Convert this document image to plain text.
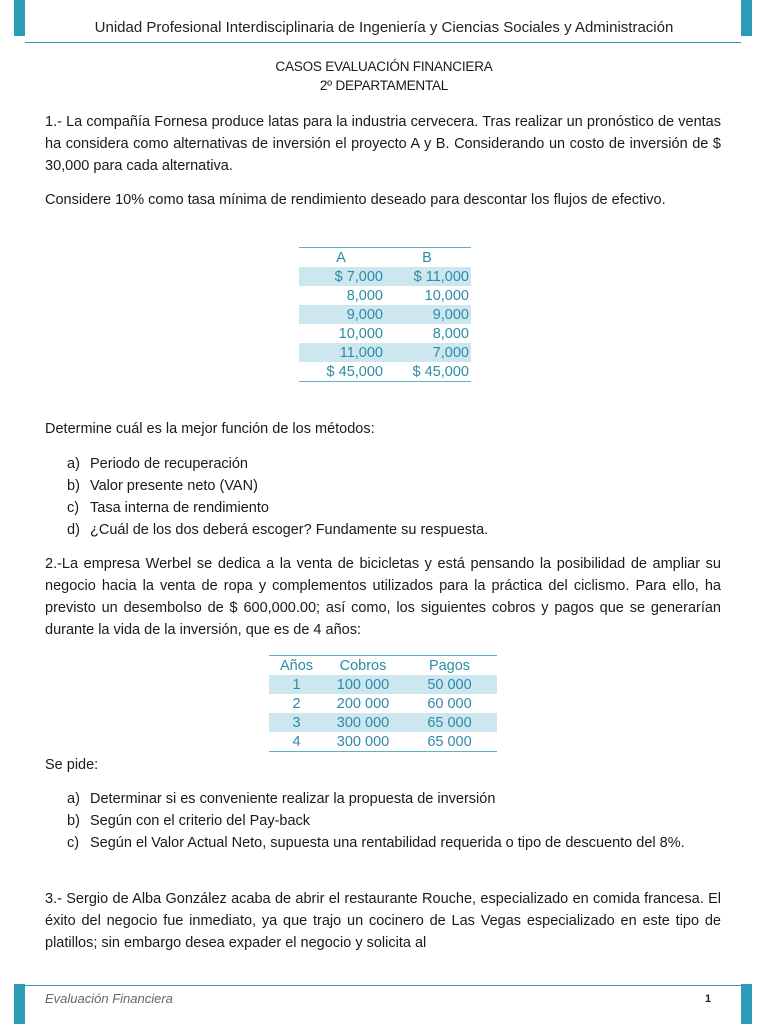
Unidad Profesional Interdisciplinaria de Ingeniería y Ciencias Sociales y Administración
CASOS EVALUACIÓN FINANCIERA
2º DEPARTAMENTAL

1.- La compañía Fornesa produce latas para la industria cervecera. Tras realizar un pronóstico de ventas ha considera como alternativas de inversión el proyecto A y B. Considerando un costo de inversión de $ 30,000 para cada alternativa.

Considere 10% como tasa mínima de rendimiento deseado para descontar los flujos de efectivo.

A	B
$ 7,000	$ 11,000
8,000	10,000
9,000	9,000
10,000	8,000
11,000	7,000
$ 45,000	$ 45,000

Determine cuál es la mejor función de los métodos:

a) Periodo de recuperación
b) Valor presente neto (VAN)
c) Tasa interna de rendimiento
d) ¿Cuál de los dos deberá escoger? Fundamente su respuesta.

2.-La empresa Werbel se dedica a la venta de bicicletas y está pensando la posibilidad de ampliar su negocio hacia la venta de ropa y complementos utilizados para la práctica del ciclismo. Para ello, ha previsto un desembolso de $ 600,000.00; así como, los siguientes cobros y pagos que se generarían durante la vida de la inversión, que es de 4 años:

Años	Cobros	Pagos
1	100 000	50 000
2	200 000	60 000
3	300 000	65 000
4	300 000	65 000

Se pide:

a) Determinar si es conveniente realizar la propuesta de inversión
b) Según con el criterio del Pay-back
c) Según el Valor Actual Neto, supuesta una rentabilidad requerida o tipo de descuento del 8%.

3.- Sergio de Alba González acaba de abrir el restaurante Rouche, especializado en comida francesa. El éxito del negocio fue inmediato, ya que trajo un cocinero de Las Vegas especializado en este tipo de platillos; sin embargo desea expader el negocio y solicita al

Evaluación Financiera	1
